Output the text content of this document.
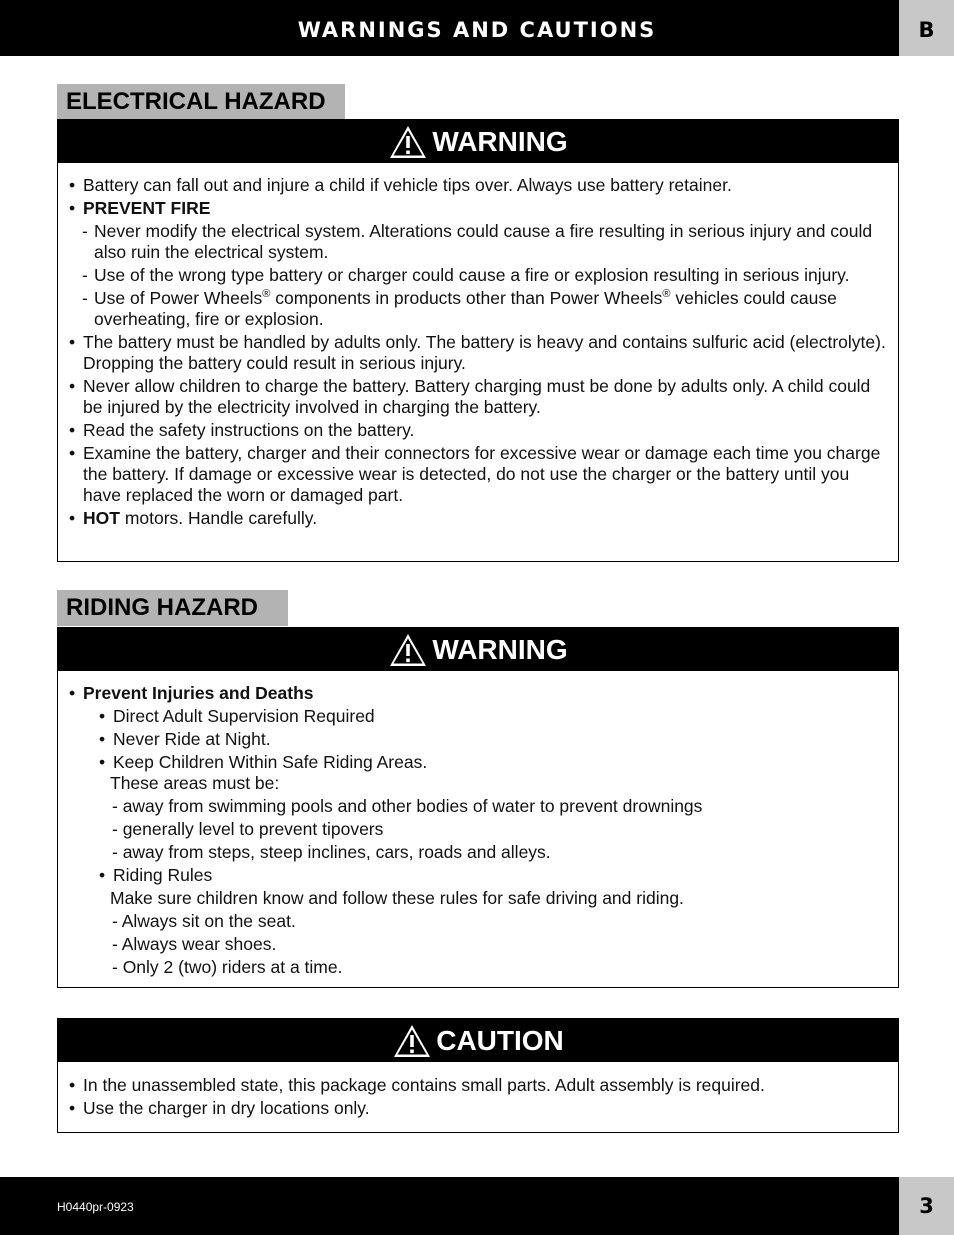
WARNINGS AND CAUTIONS	B
ELECTRICAL HAZARD
WARNING
• Battery can fall out and injure a child if vehicle tips over. Always use battery retainer.
• PREVENT FIRE
- Never modify the electrical system. Alterations could cause a fire resulting in serious injury and could also ruin the electrical system.
- Use of the wrong type battery or charger could cause a fire or explosion resulting in serious injury.
- Use of Power Wheels® components in products other than Power Wheels® vehicles could cause overheating, fire or explosion.
• The battery must be handled by adults only. The battery is heavy and contains sulfuric acid (electrolyte). Dropping the battery could result in serious injury.
• Never allow children to charge the battery. Battery charging must be done by adults only. A child could be injured by the electricity involved in charging the battery.
• Read the safety instructions on the battery.
• Examine the battery, charger and their connectors for excessive wear or damage each time you charge the battery. If damage or excessive wear is detected, do not use the charger or the battery until you have replaced the worn or damaged part.
• HOT motors. Handle carefully.
RIDING HAZARD
WARNING
• Prevent Injuries and Deaths
• Direct Adult Supervision Required
• Never Ride at Night.
• Keep Children Within Safe Riding Areas.
These areas must be:
- away from swimming pools and other bodies of water to prevent drownings
- generally level to prevent tipovers
- away from steps, steep inclines, cars, roads and alleys.
• Riding Rules
Make sure children know and follow these rules for safe driving and riding.
- Always sit on the seat.
- Always wear shoes.
- Only 2 (two) riders at a time.
CAUTION
• In the unassembled state, this package contains small parts. Adult assembly is required.
• Use the charger in dry locations only.
H0440pr-0923	3
